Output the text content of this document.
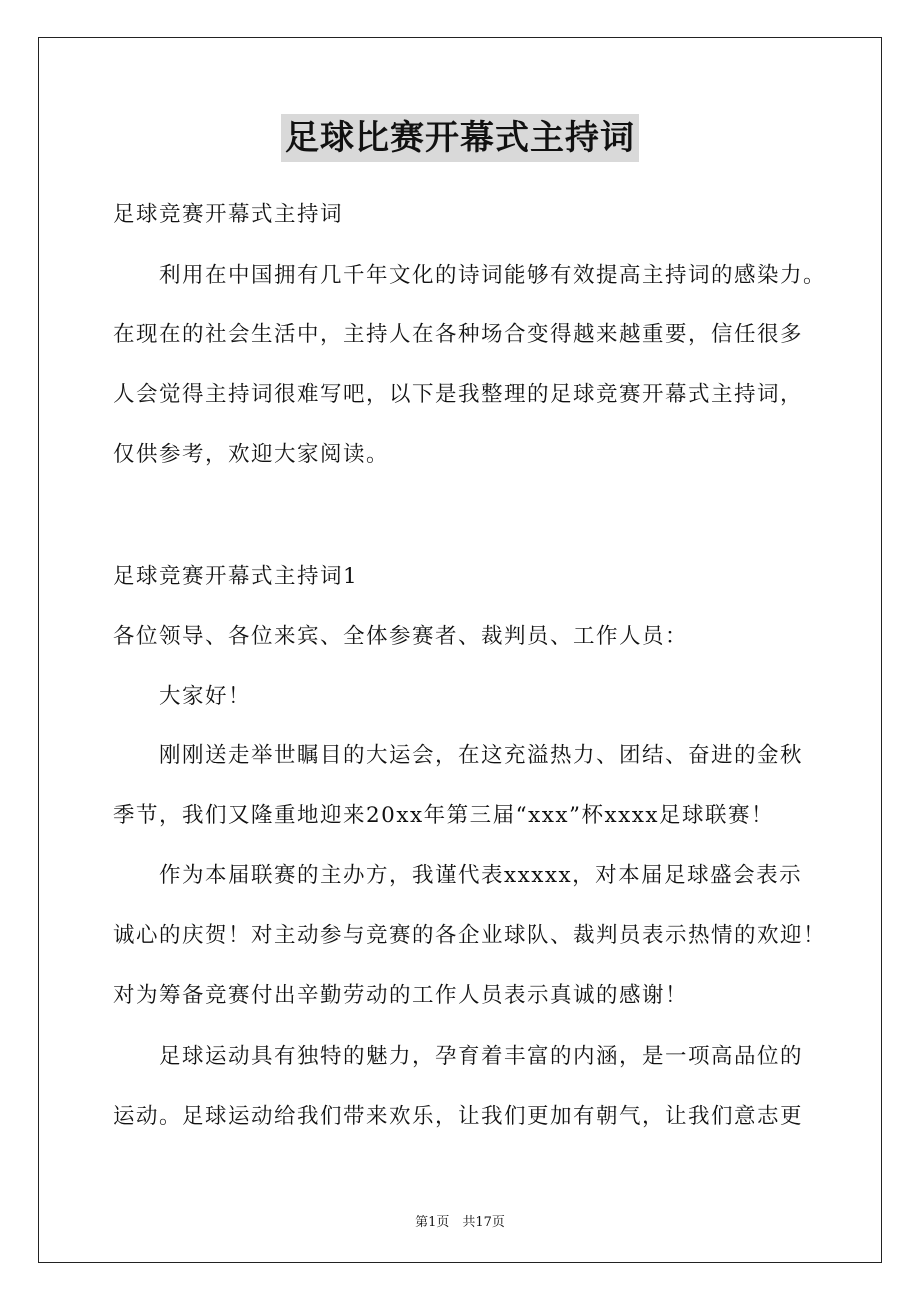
足球比赛开幕式主持词
足球竞赛开幕式主持词
　　利用在中国拥有几千年文化的诗词能够有效提高主持词的感染力。
在现在的社会生活中，主持人在各种场合变得越来越重要，信任很多
人会觉得主持词很难写吧，以下是我整理的足球竞赛开幕式主持词，
仅供参考，欢迎大家阅读。
足球竞赛开幕式主持词1
各位领导、各位来宾、全体参赛者、裁判员、工作人员：
　　大家好！
　　刚刚送走举世瞩目的大运会，在这充溢热力、团结、奋进的金秋
季节，我们又隆重地迎来20xx年第三届“xxx”杯xxxx足球联赛！
　　作为本届联赛的主办方，我谨代表xxxxx，对本届足球盛会表示
诚心的庆贺！对主动参与竞赛的各企业球队、裁判员表示热情的欢迎！
对为筹备竞赛付出辛勤劳动的工作人员表示真诚的感谢！
　　足球运动具有独特的魅力，孕育着丰富的内涵，是一项高品位的
运动。足球运动给我们带来欢乐，让我们更加有朝气，让我们意志更
第1页　共17页
